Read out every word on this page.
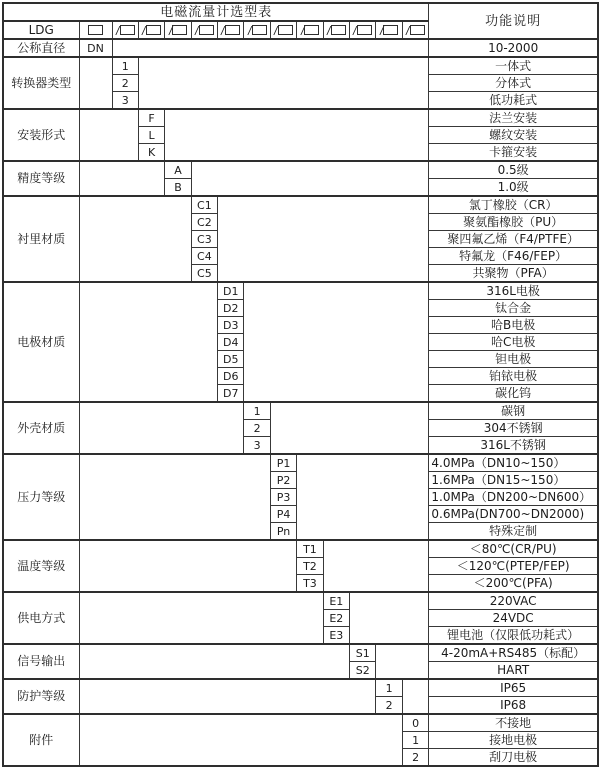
电磁流量计选型表														功能说明
LDG		/	/	/	/	/	/	/	/	/	/	/	/	
公称直径	DN													10-2000
转换器类型		1												一体式
		2												分体式
		3												低功耗式
安装形式			F											法兰安装
			L											螺纹安装
			K											卡箍安装
精度等级				A										0.5级
				B										1.0级
衬里材质					C1									氯丁橡胶（CR）
					C2									聚氨酯橡胶（PU）
					C3									聚四氟乙烯（F4/PTFE）
					C4									特氟龙（F46/FEP）
					C5									共聚物（PFA）
电极材质						D1								316L电极
						D2								钛合金
						D3								哈B电极
						D4								哈C电极
						D5								钽电极
						D6								铂铱电极
						D7								碳化钨
外壳材质							1							碳钢
							2							304不锈钢
							3							316L不锈钢
压力等级								P1						4.0MPa（DN10~150）
								P2						1.6MPa（DN15~150）
								P3						1.0MPa（DN200~DN600）
								P4						0.6MPa(DN700~DN2000)
								Pn						特殊定制
温度等级									T1					＜80℃(CR/PU)
									T2					＜120℃(PTEP/FEP)
									T3					＜200℃(PFA)
供电方式										E1				220VAC
										E2				24VDC
										E3				锂电池（仅限低功耗式）
信号输出											S1			4-20mA+RS485（标配）
											S2			HART
防护等级												1		IP65
												2		IP68
附件													0	不接地
													1	接地电极
													2	刮刀电极
